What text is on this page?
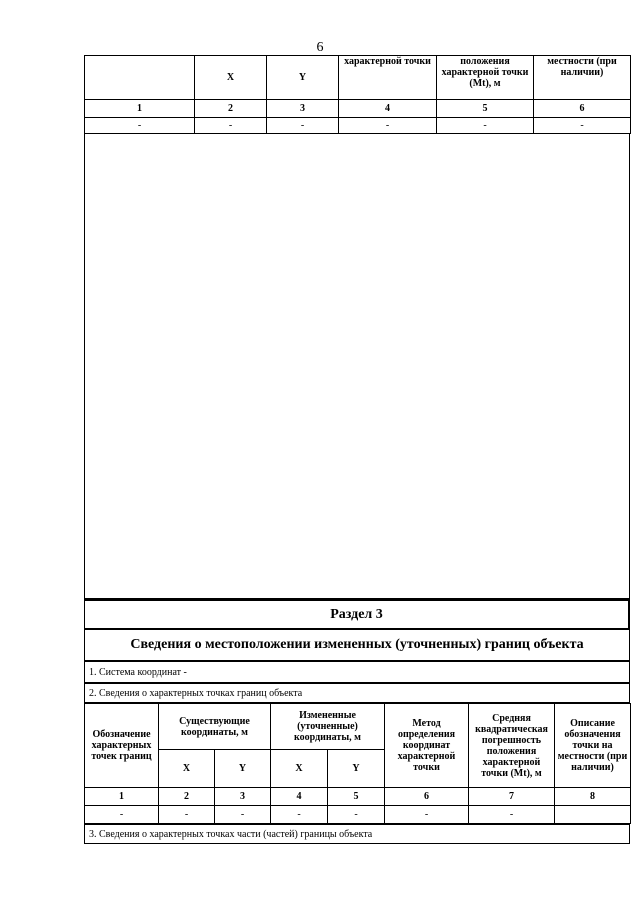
6
	X	Y	характерной точки	положения характерной точки (Mt), м	местности (при наличии)
1	2	3	4	5	6
-	-	-	-	-	-
Раздел 3
Сведения о местоположении измененных (уточненных) границ объекта
1. Система координат -
2. Сведения о характерных точках границ объекта
Обозначение характерных точек границ	Существующие координаты, м		Измененные (уточненные) координаты, м		Метод определения координат характерной точки	Средняя квадратическая погрешность положения характерной точки (Mt), м	Описание обозначения точки на местности (при наличии)
	X	Y	X	Y			
1	2	3	4	5	6	7	8
-	-	-	-	-	-	-	
3. Сведения о характерных точках части (частей) границы объекта
